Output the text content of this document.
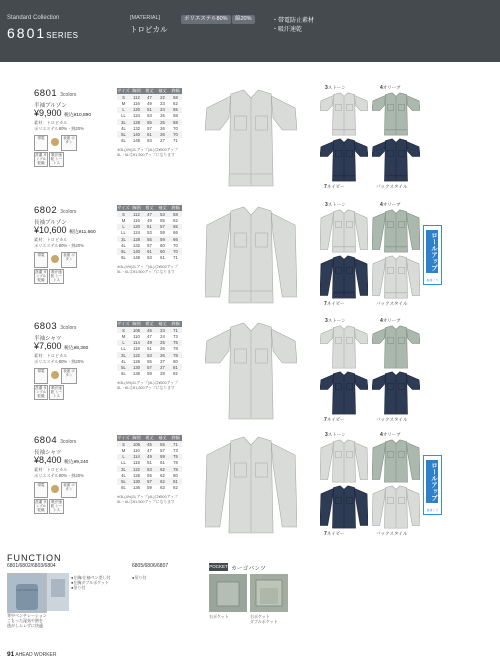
Standard Collection
6801SERIES
[MATERIAL]
トロピカル
ポリエステル80%	綿20%	・帯電防止素材
・吸汗速乾
6801 3colors
半袖ブルゾン
¥9,900 税込¥10,890
素材：トロピカル
ポリエステル80%・綿20%
帯電	表面 ボタン
洗濯 タンブル 乾燥
吸汗速乾 シートス
サイズ	胸囲	着丈	袖丈	肩幅
S	112	47	22	58
M	116	49	23	62
L	120	51	24	65
LL	124	53	25	68
3L	128	55	25	68
4L	132	57	26	70
5L	140	61	26	70
6L	148	63	27	71
※3L(4%)2Lアップ(4L)は¥500アップ
5L・6Lは¥1,500アップになります
3ストーン	4オリーブ
7ネイビー	バックスタイル
6802 3colors
長袖ブルゾン
¥10,600 税込¥11,660
素材：トロピカル
ポリエステル80%・綿20%
帯電	表面 ボタン
洗濯 タンブル 乾燥
吸汗速乾 シートス
サイズ	胸囲	着丈	袖丈	肩幅
S	112	47	53	58
M	116	49	55	62
L	120	51	57	65
LL	124	53	59	66
3L	128	55	59	66
4L	132	57	60	70
5L	140	61	60	70
6L	148	63	61	71
※3L(4%)2Lアップ(4L)は¥500アップ
5L・6Lは¥1,500アップになります
3ストーン	4オリーブ
7ネイビー	バックスタイル
ロールアップ
袖まくり
6803 3colors
半袖シャツ
¥7,600 税込¥8,360
素材：トロピカル
ポリエステル80%・綿20%
帯電	表面 ボタン
洗濯 タンブル 乾燥
吸汗速乾 シートス
サイズ	胸囲	着丈	袖丈	肩幅
S	106	45	23	71
M	110	47	24	73
L	114	49	25	75
LL	118	51	26	78
3L	122	53	26	78
4L	126	55	27	80
5L	130	57	27	81
6L	136	59	28	82
※3L(4%)2Lアップ(4L)は¥500アップ
5L・6Lは¥1,500アップになります
3ストーン	4オリーブ
7ネイビー	バックスタイル
6804 3colors
長袖シャツ
¥8,400 税込¥9,240
素材：トロピカル
ポリエステル80%・綿20%
帯電	表面 ボタン
洗濯 タンブル 乾燥
吸汗速乾 シートス
サイズ	胸囲	着丈	袖丈	肩幅
S	106	45	55	71
M	110	47	57	73
L	114	49	59	75
LL	118	51	61	78
3L	122	53	62	78
4L	126	55	62	80
5L	130	57	62	81
6L	136	59	63	82
※3L(4%)2Lアップ(4L)は¥500アップ
5L・6Lは¥1,500アップになります
3ストーン	4オリーブ
7ネイビー	バックスタイル
ロールアップ
袖まくり
FUNCTION
6801/6802/6803/6804	6805/6806/6807
●左胸/左袖ペン差し付
●左胸ダブルポケット
●吊り付
●吊り付
背中ベンチレーション
こもった湿気や熱を
逃がしムレずに快適
POCKET カーゴパンツ
右ポケット	右ポケット
ダブルポケット
91 AHEAD WORKER
